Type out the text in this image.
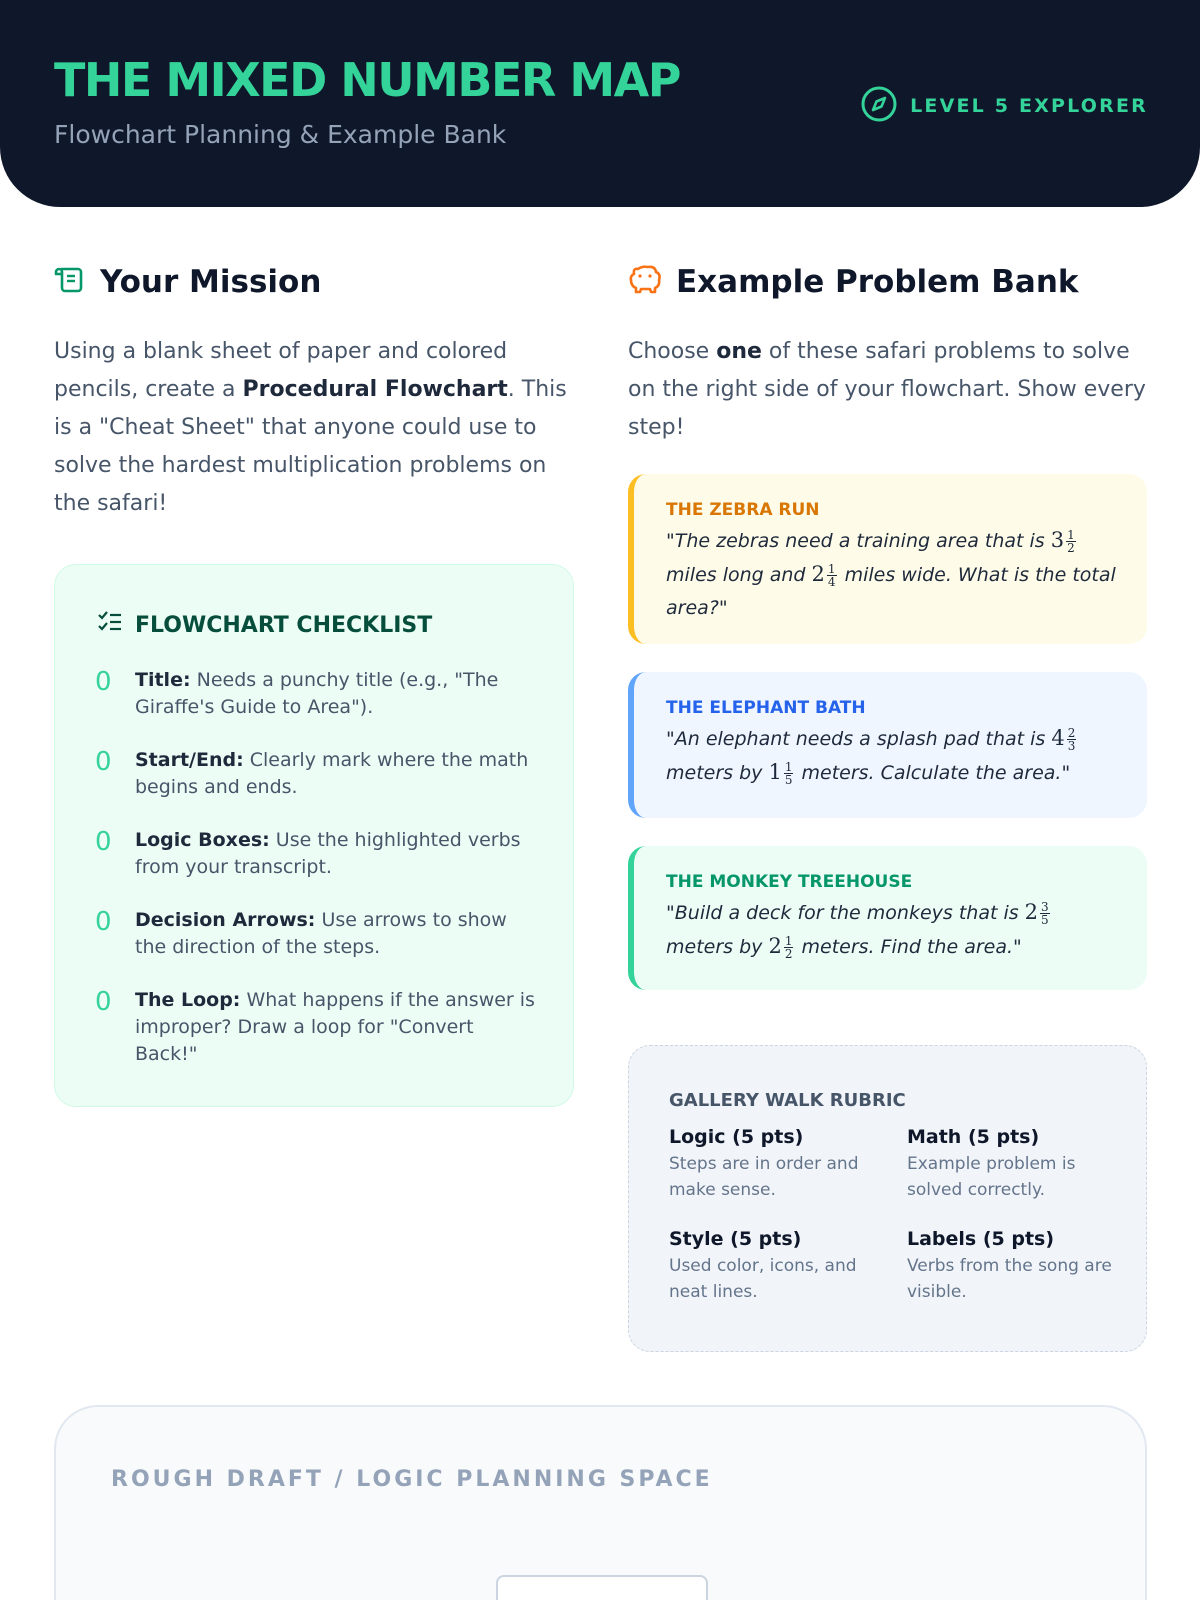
THE MIXED NUMBER MAP
Flowchart Planning & Example Bank
LEVEL 5 EXPLORER
Your Mission

Using a blank sheet of paper and colored pencils, create a Procedural Flowchart. This is a "Cheat Sheet" that anyone could use to solve the hardest multiplication problems on the safari!

FLOWCHART CHECKLIST
0	Title: Needs a punchy title (e.g., "The Giraffe's Guide to Area").

0	Start/End: Clearly mark where the math begins and ends.

0	Logic Boxes: Use the highlighted verbs from your transcript.

0	Decision Arrows: Use arrows to show the direction of the steps.

0	The Loop: What happens if the answer is improper? Draw a loop for "Convert Back!"

Example Problem Bank

Choose one of these safari problems to solve on the right side of your flowchart. Show every step!

THE ZEBRA RUN
"The zebras need a training area that is $3 \frac{1}{2}$
miles long and $2 \frac{1}{4}$ miles wide. What is the total area?"
THE ELEPHANT BATH
"An elephant needs a splash pad that is $4 \frac{2}{3}$
meters by $1 \frac{1}{5}$ meters. Calculate the area."
THE MONKEY TREEHOUSE
"Build a deck for the monkeys that is $2 \frac{3}{5}$
meters by $2 \frac{1}{2}$ meters. Find the area."
GALLERY WALK RUBRIC
Logic (5 pts)
Steps are in order and make sense.
Math (5 pts)
Example problem is solved correctly.
Style (5 pts)
Used color, icons, and neat lines.
Labels (5 pts)
Verbs from the song are visible.
ROUGH DRAFT / LOGIC PLANNING SPACE
